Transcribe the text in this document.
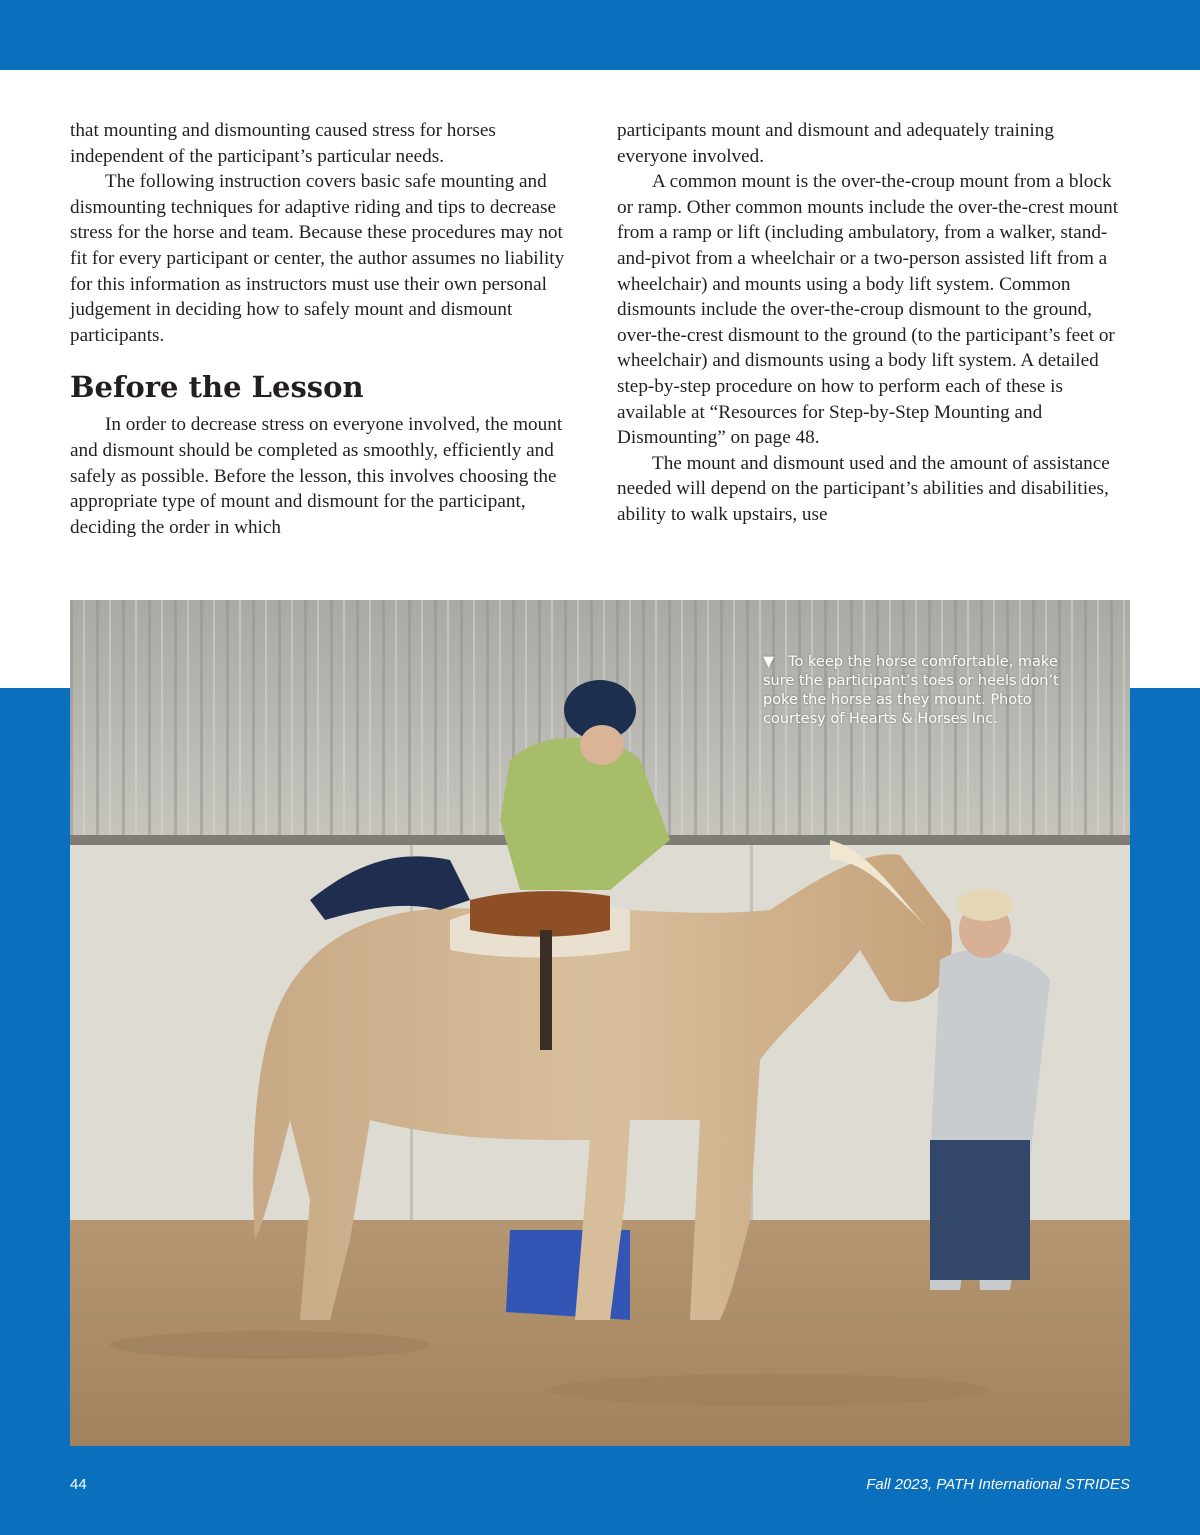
that mounting and dismounting caused stress for horses independent of the participant’s particular needs.

The following instruction covers basic safe mounting and dismounting techniques for adaptive riding and tips to decrease stress for the horse and team. Because these procedures may not fit for every participant or center, the author assumes no liability for this information as instructors must use their own personal judgement in deciding how to safely mount and dismount participants.

Before the Lesson

In order to decrease stress on everyone involved, the mount and dismount should be completed as smoothly, efficiently and safely as possible. Before the lesson, this involves choosing the appropriate type of mount and dismount for the participant, deciding the order in which

participants mount and dismount and adequately training everyone involved.

A common mount is the over-the-croup mount from a block or ramp. Other common mounts include the over-the-crest mount from a ramp or lift (including ambulatory, from a walker, stand-and-pivot from a wheelchair or a two-person assisted lift from a wheelchair) and mounts using a body lift system. Common dismounts include the over-the-croup dismount to the ground, over-the-crest dismount to the ground (to the participant’s feet or wheelchair) and dismounts using a body lift system. A detailed step-by-step procedure on how to perform each of these is available at “Resources for Step-by-Step Mounting and Dismounting” on page 48.

The mount and dismount used and the amount of assistance needed will depend on the participant’s abilities and disabilities, ability to walk upstairs, use

▼ To keep the horse comfortable, make sure the participant’s toes or heels don’t poke the horse as they mount. Photo courtesy of Hearts & Horses Inc.
44	Fall 2023, PATH International STRIDES
